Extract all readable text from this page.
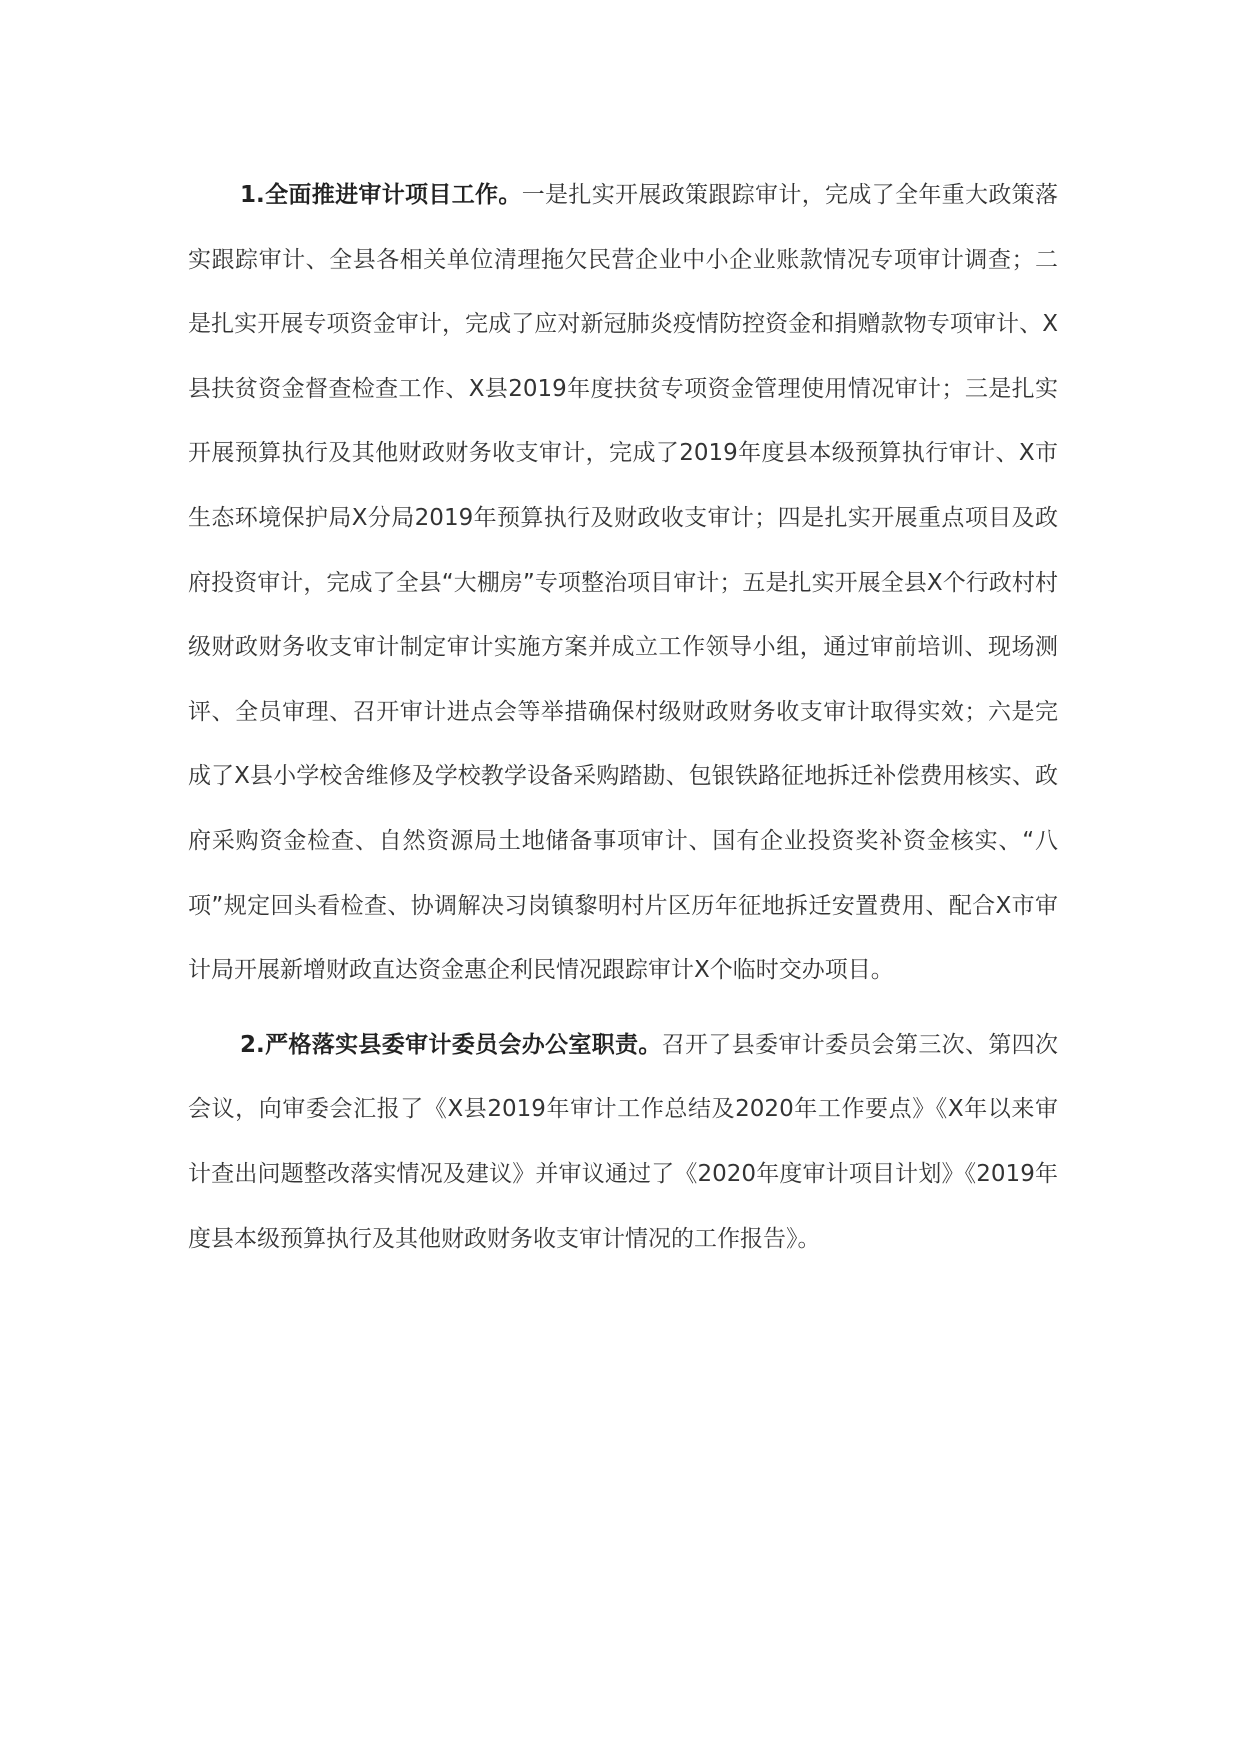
1.全面推进审计项目工作。一是扎实开展政策跟踪审计，完成了全年重大政策落实跟踪审计、全县各相关单位清理拖欠民营企业中小企业账款情况专项审计调查；二是扎实开展专项资金审计，完成了应对新冠肺炎疫情防控资金和捐赠款物专项审计、X县扶贫资金督查检查工作、X县2019年度扶贫专项资金管理使用情况审计；三是扎实开展预算执行及其他财政财务收支审计，完成了2019年度县本级预算执行审计、X市生态环境保护局X分局2019年预算执行及财政收支审计；四是扎实开展重点项目及政府投资审计，完成了全县“大棚房”专项整治项目审计；五是扎实开展全县X个行政村村级财政财务收支审计制定审计实施方案并成立工作领导小组，通过审前培训、现场测评、全员审理、召开审计进点会等举措确保村级财政财务收支审计取得实效；六是完成了X县小学校舍维修及学校教学设备采购踏勘、包银铁路征地拆迁补偿费用核实、政府采购资金检查、自然资源局土地储备事项审计、国有企业投资奖补资金核实、“八项”规定回头看检查、协调解决习岗镇黎明村片区历年征地拆迁安置费用、配合X市审计局开展新增财政直达资金惠企利民情况跟踪审计X个临时交办项目。

2.严格落实县委审计委员会办公室职责。召开了县委审计委员会第三次、第四次会议，向审委会汇报了《X县2019年审计工作总结及2020年工作要点》《X年以来审计查出问题整改落实情况及建议》并审议通过了《2020年度审计项目计划》《2019年度县本级预算执行及其他财政财务收支审计情况的工作报告》。
